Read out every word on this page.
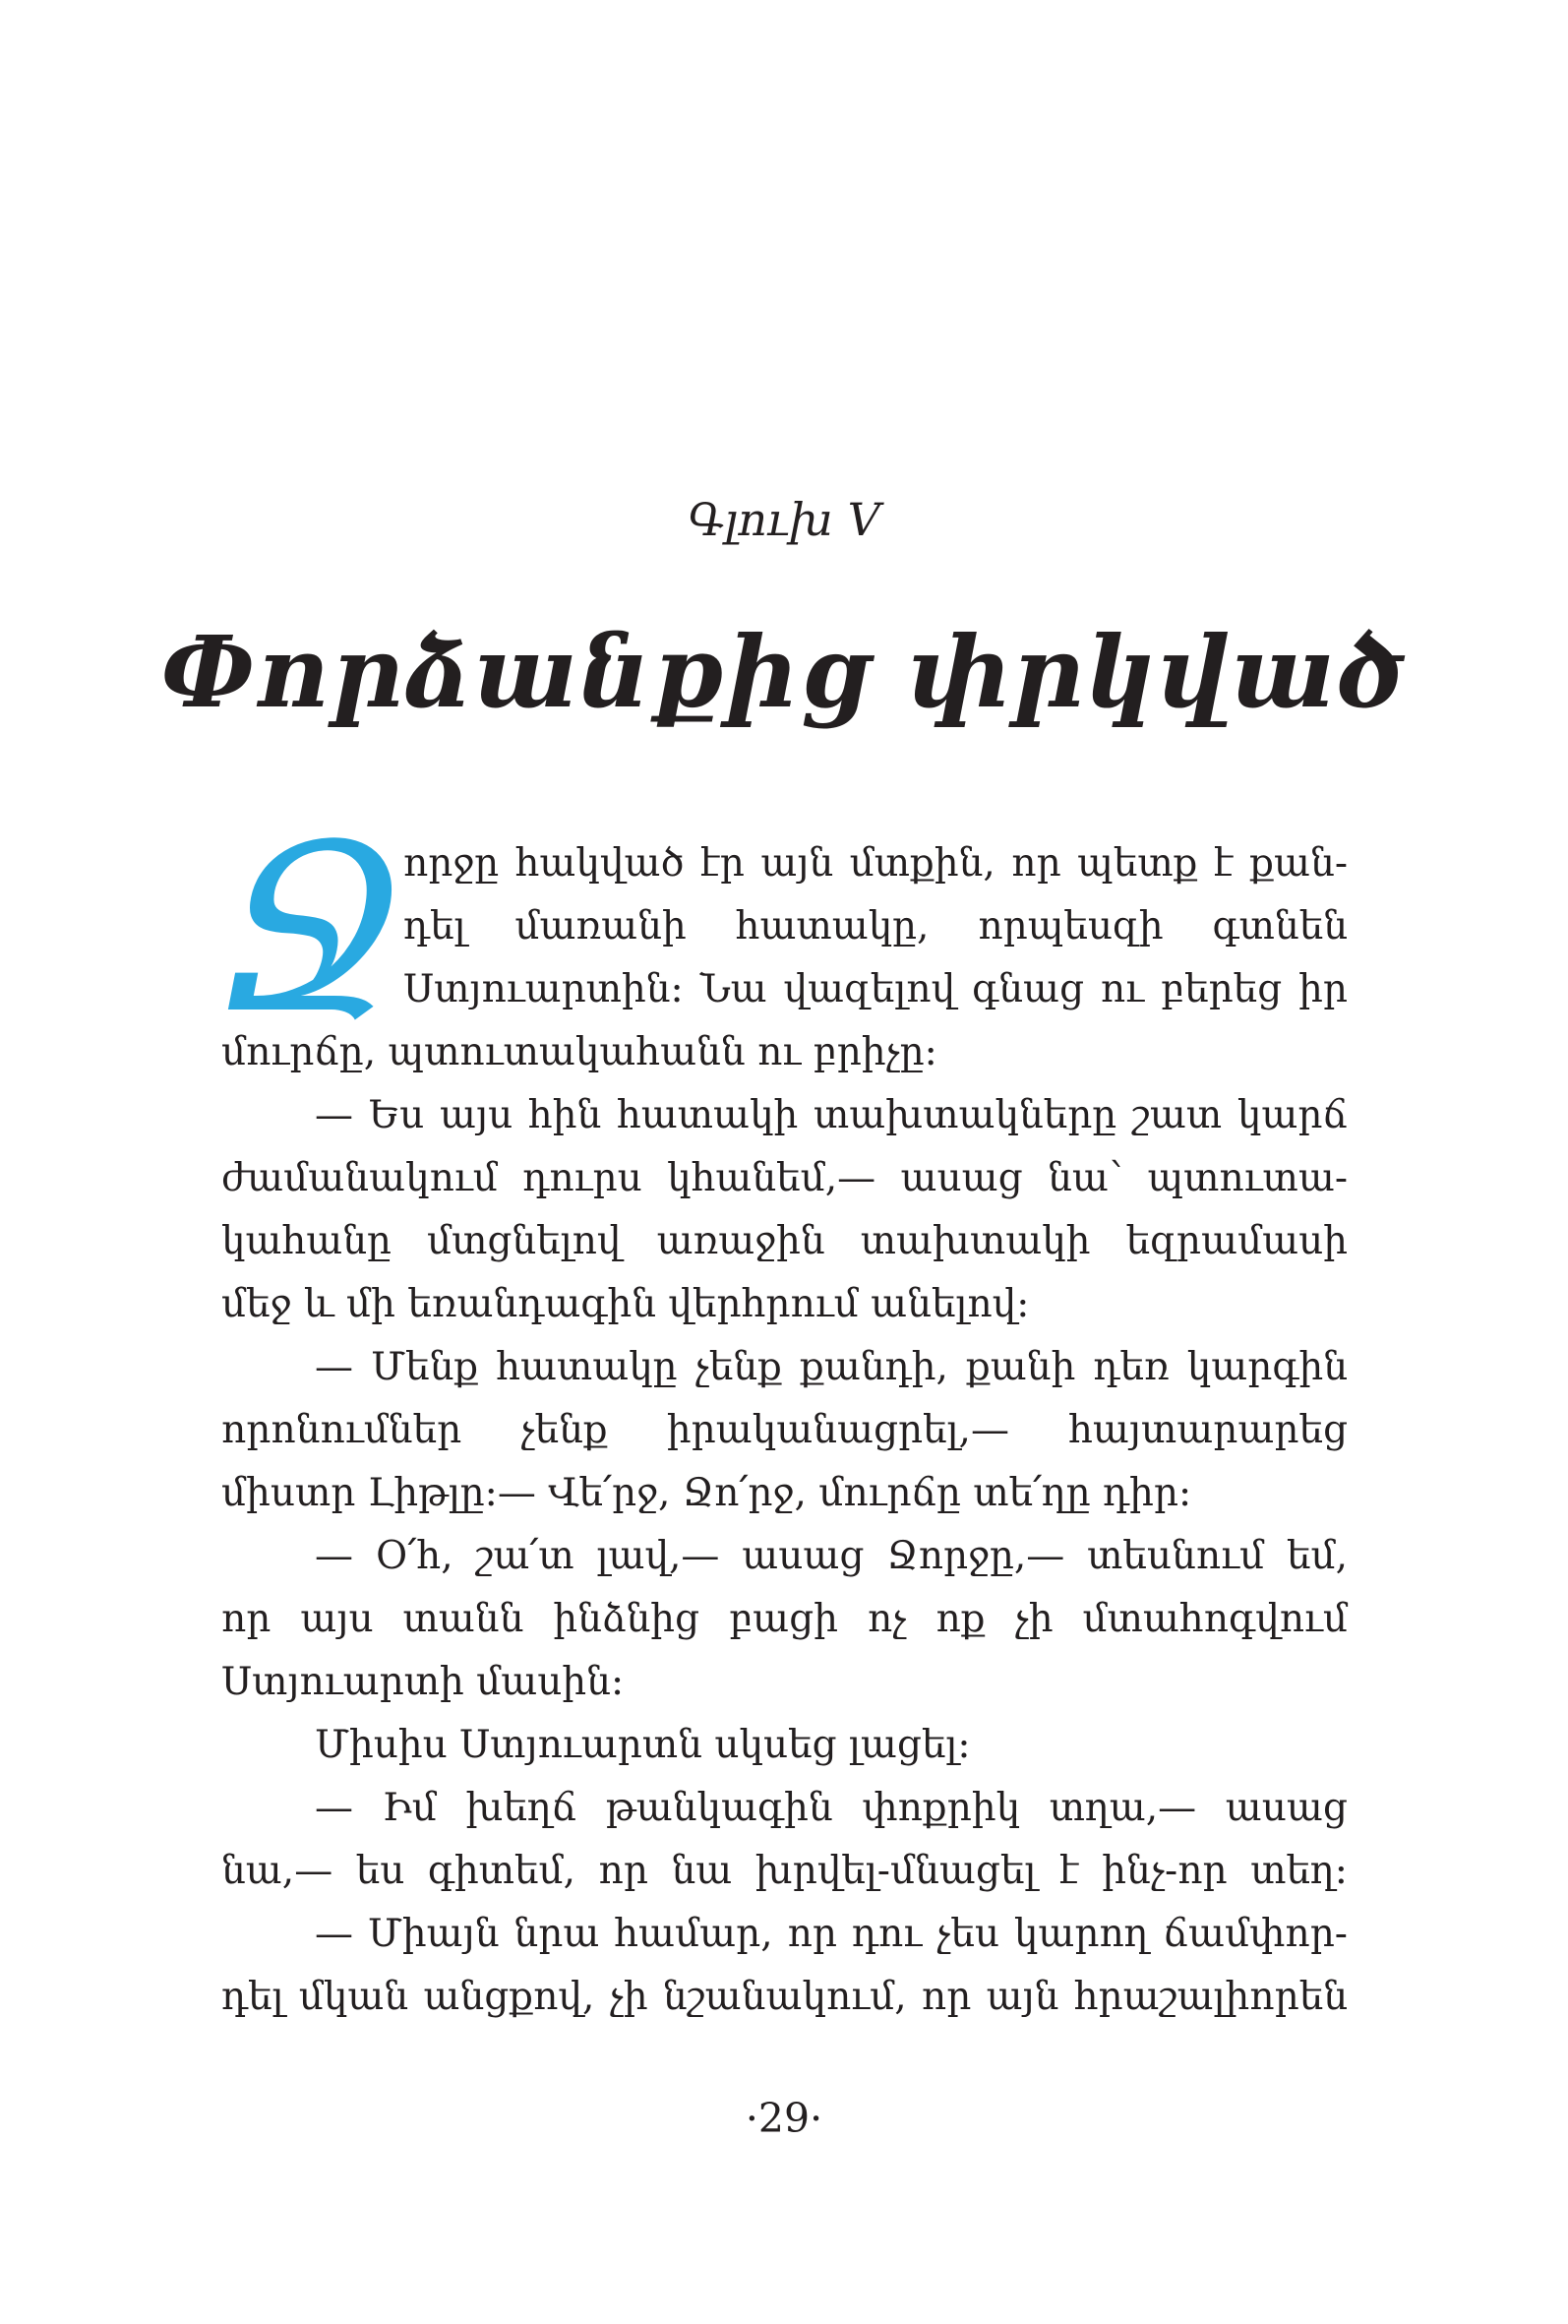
Գլուխ V
Փորձանքից փրկված
Ջ
որջը հակված էր այն մտքին, որ պետք է քան-
դել մառանի հատակը, որպեսզի գտնեն
Ստյուարտին։ Նա վազելով գնաց ու բերեց իր
մուրճը, պտուտակահանն ու բրիչը։
— Ես այս հին հատակի տախտակները շատ կարճ
ժամանակում դուրս կհանեմ,— ասաց նա՝ պտուտա-
կահանը մտցնելով առաջին տախտակի եզրամասի
մեջ և մի եռանդագին վերհրում անելով։
— Մենք հատակը չենք քանդի, քանի դեռ կարգին
որոնումներ չենք իրականացրել,— հայտարարեց
միստր Լիթլը։— Վե՛րջ, Ջո՛րջ, մուրճը տե՛ղը դիր։
— Օ՛հ, շա՛տ լավ,— ասաց Ջորջը,— տեսնում եմ,
որ այս տանն ինձնից բացի ոչ ոք չի մտահոգվում
Ստյուարտի մասին։
Միսիս Ստյուարտն սկսեց լացել։
— Իմ խեղճ թանկագին փոքրիկ տղա,— ասաց
նա,— ես գիտեմ, որ նա խրվել-մնացել է ինչ-որ տեղ։
— Միայն նրա համար, որ դու չես կարող ճամփոր-
դել մկան անցքով, չի նշանակում, որ այն հրաշալիորեն
·29·
